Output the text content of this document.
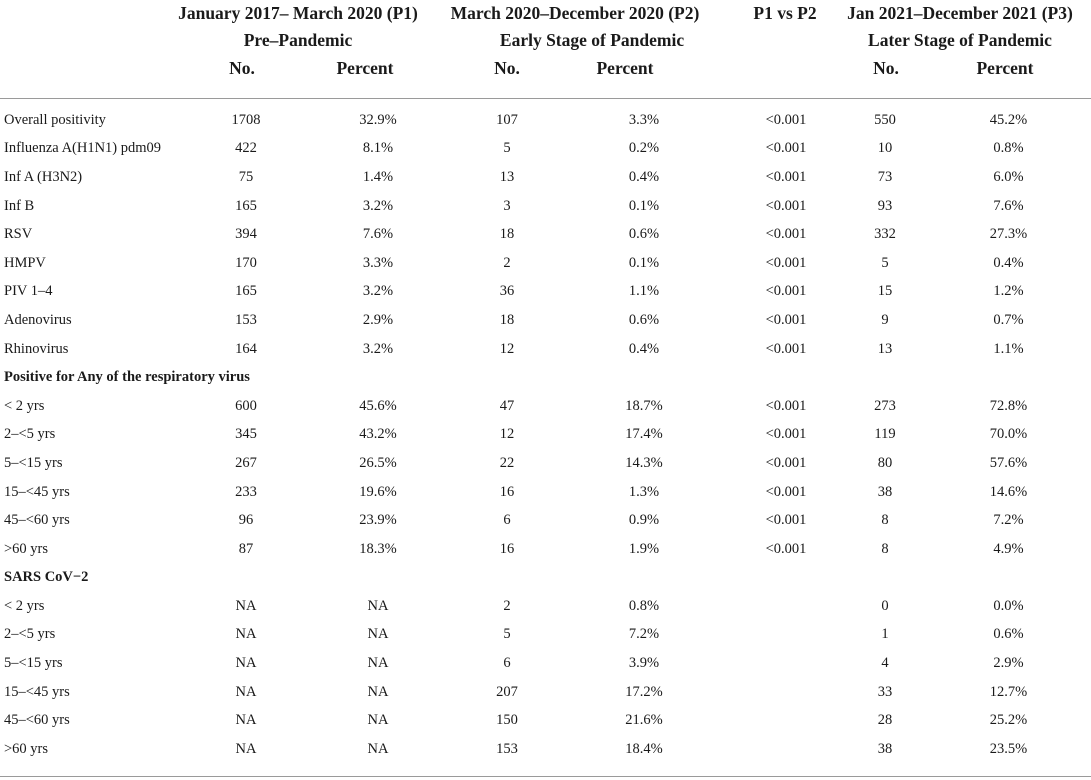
January 2017– March 2020 (P1)	March 2020–December 2020 (P2)	P1 vs P2	Jan 2021–December 2021 (P3)
Pre–Pandemic	Early Stage of Pandemic	Later Stage of Pandemic
No.	Percent	No.	Percent	No.	Percent
Overall positivity	1708	32.9%	107	3.3%	<0.001	550	45.2%
Influenza A(H1N1) pdm09	422	8.1%	5	0.2%	<0.001	10	0.8%
Inf A (H3N2)	75	1.4%	13	0.4%	<0.001	73	6.0%
Inf B	165	3.2%	3	0.1%	<0.001	93	7.6%
RSV	394	7.6%	18	0.6%	<0.001	332	27.3%
HMPV	170	3.3%	2	0.1%	<0.001	5	0.4%
PIV 1–4	165	3.2%	36	1.1%	<0.001	15	1.2%
Adenovirus	153	2.9%	18	0.6%	<0.001	9	0.7%
Rhinovirus	164	3.2%	12	0.4%	<0.001	13	1.1%
Positive for Any of the respiratory virus							
< 2 yrs	600	45.6%	47	18.7%	<0.001	273	72.8%
2–<5 yrs	345	43.2%	12	17.4%	<0.001	119	70.0%
5–<15 yrs	267	26.5%	22	14.3%	<0.001	80	57.6%
15–<45 yrs	233	19.6%	16	1.3%	<0.001	38	14.6%
45–<60 yrs	96	23.9%	6	0.9%	<0.001	8	7.2%
>60 yrs	87	18.3%	16	1.9%	<0.001	8	4.9%
SARS CoV−2							
< 2 yrs	NA	NA	2	0.8%		0	0.0%
2–<5 yrs	NA	NA	5	7.2%		1	0.6%
5–<15 yrs	NA	NA	6	3.9%		4	2.9%
15–<45 yrs	NA	NA	207	17.2%		33	12.7%
45–<60 yrs	NA	NA	150	21.6%		28	25.2%
>60 yrs	NA	NA	153	18.4%		38	23.5%
